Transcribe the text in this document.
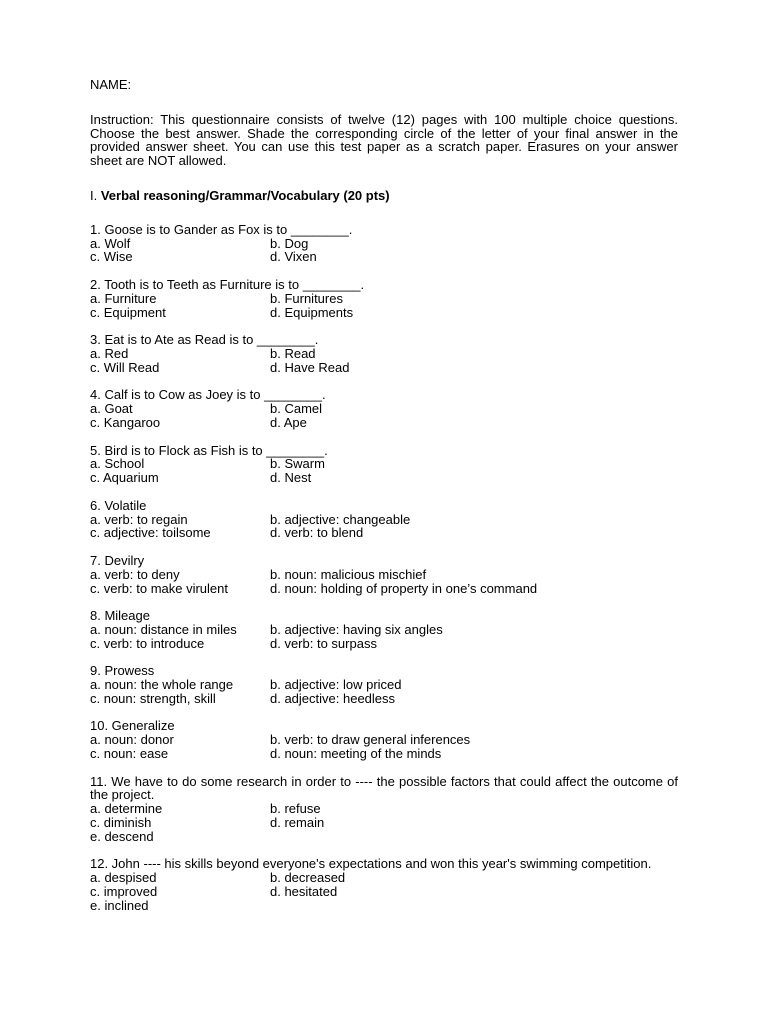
NAME:
Instruction: This questionnaire consists of twelve (12) pages with 100 multiple choice questions. Choose the best answer. Shade the corresponding circle of the letter of your final answer in the provided answer sheet. You can use this test paper as a scratch paper. Erasures on your answer sheet are NOT allowed.
I. Verbal reasoning/Grammar/Vocabulary (20 pts)
1. Goose is to Gander as Fox is to ________.
a. Wolf	b. Dog
c. Wise	d. Vixen
2. Tooth is to Teeth as Furniture is to ________.
a. Furniture	b. Furnitures
c. Equipment	d. Equipments
3. Eat is to Ate as Read is to ________.
a. Red	b. Read
c. Will Read	d. Have Read
4. Calf is to Cow as Joey is to ________.
a. Goat	b. Camel
c. Kangaroo	d. Ape
5. Bird is to Flock as Fish is to ________.
a. School	b. Swarm
c. Aquarium	d. Nest
6. Volatile
a. verb: to regain	b. adjective: changeable
c. adjective: toilsome	d. verb: to blend
7. Devilry
a. verb: to deny	b. noun: malicious mischief
c. verb: to make virulent	d. noun: holding of property in one’s command
8. Mileage
a. noun: distance in miles	b. adjective: having six angles
c. verb: to introduce	d. verb: to surpass
9. Prowess
a. noun: the whole range	b. adjective: low priced
c. noun: strength, skill	d. adjective: heedless
10. Generalize
a. noun: donor	b. verb: to draw general inferences
c. noun: ease	d. noun: meeting of the minds
11. We have to do some research in order to ---- the possible factors that could affect the outcome of the project.
a. determine	b. refuse
c. diminish	d. remain
e. descend
12. John ---- his skills beyond everyone's expectations and won this year's swimming competition.
a. despised	b. decreased
c. improved	d. hesitated
e. inclined
